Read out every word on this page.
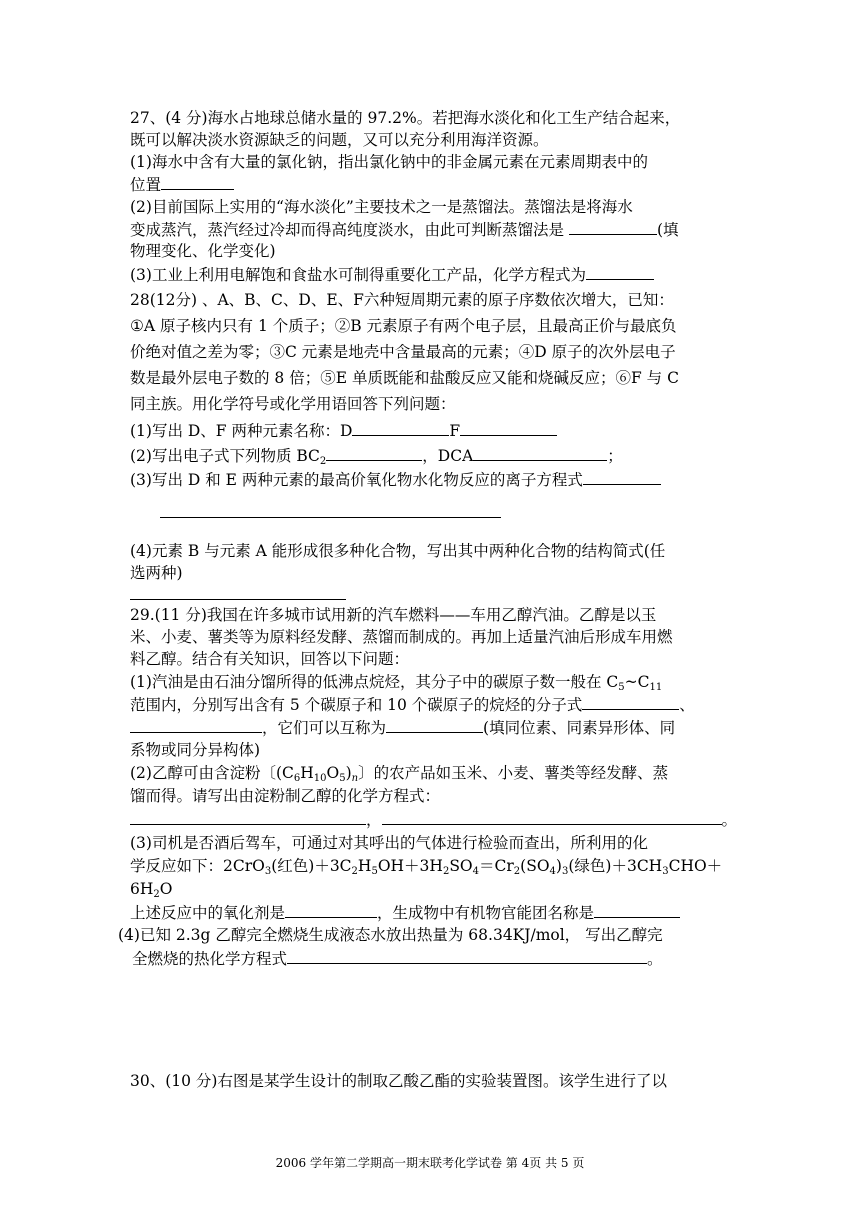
27、(4 分)海水占地球总储水量的 97.2%。若把海水淡化和化工生产结合起来，
既可以解决淡水资源缺乏的问题，又可以充分利用海洋资源。
(1)海水中含有大量的氯化钠，指出氯化钠中的非金属元素在元素周期表中的
位置
(2)目前国际上实用的“海水淡化”主要技术之一是蒸馏法。蒸馏法是将海水
变成蒸汽，蒸汽经过冷却而得高纯度淡水，由此可判断蒸馏法是	(填
物理变化、化学变化)
(3)工业上利用电解饱和食盐水可制得重要化工产品，化学方程式为
28(12分) 、A、B、C、D、E、F六种短周期元素的原子序数依次增大，已知：
①A 原子核内只有 1 个质子；②B 元素原子有两个电子层，且最高正价与最底负
价绝对值之差为零；③C 元素是地壳中含量最高的元素；④D 原子的次外层电子
数是最外层电子数的 8 倍；⑤E 单质既能和盐酸反应又能和烧碱反应；⑥F 与 C
同主族。用化学符号或化学用语回答下列问题：
(1)写出 D、F 两种元素名称：D	F
(2)写出电子式下列物质 $BC_2$	，DCA	；
(3)写出 D 和 E 两种元素的最高价氧化物水化物反应的离子方程式
(4)元素 B 与元素 A 能形成很多种化合物，写出其中两种化合物的结构简式(任
选两种)
29.(11 分)我国在许多城市试用新的汽车燃料——车用乙醇汽油。乙醇是以玉
米、小麦、薯类等为原料经发酵、蒸馏而制成的。再加上适量汽油后形成车用燃
料乙醇。结合有关知识，回答以下问题：
(1)汽油是由石油分馏所得的低沸点烷烃，其分子中的碳原子数一般在 $C_5\sim C_{11}$
范围内，分别写出含有 5 个碳原子和 10 个碳原子的烷烃的分子式	、
，它们可以互称为	(填同位素、同素异形体、同
系物或同分异构体)
(2)乙醇可由含淀粉〔$(C_6H_{10}O_5)_n$〕的农产品如玉米、小麦、薯类等经发酵、蒸
馏而得。请写出由淀粉制乙醇的化学方程式：
，	。
(3)司机是否酒后驾车，可通过对其呼出的气体进行检验而查出，所利用的化
学反应如下：2CrO$_3$(红色)$+3C_2H_5OH+3H_2SO_4=Cr_2(SO_4)_3$(绿色)$+3CH_3CHO+$
$6H_2O$
上述反应中的氧化剂是	，生成物中有机物官能团名称是
(4)已知 2.3g 乙醇完全燃烧生成液态水放出热量为 68.34KJ/mol， 写出乙醇完
全燃烧的热化学方程式	。
30、(10 分)右图是某学生设计的制取乙酸乙酯的实验装置图。该学生进行了以
2006 学年第二学期高一期末联考化学试卷 第 4页 共 5 页
